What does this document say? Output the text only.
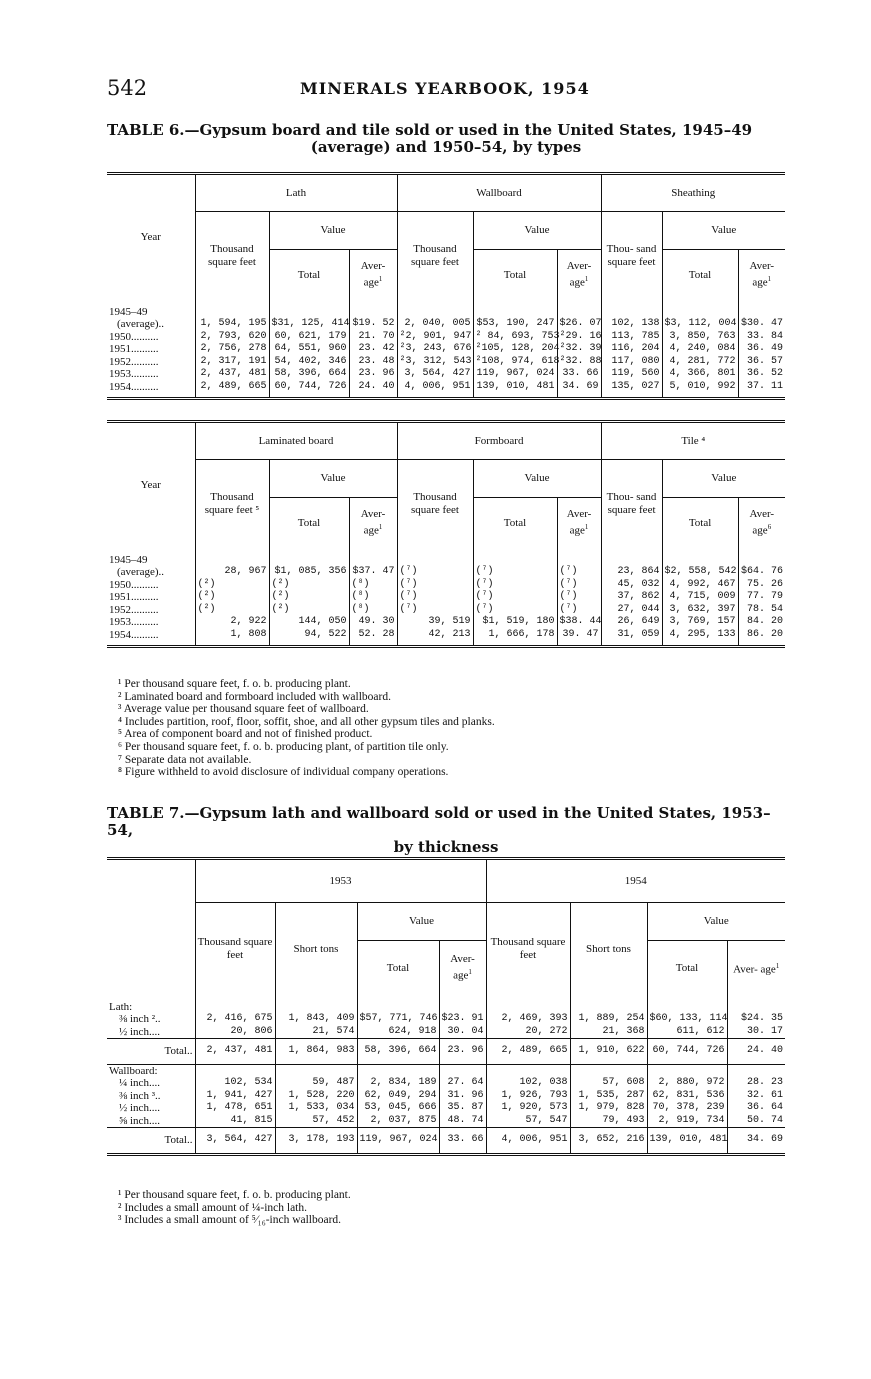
542	MINERALS YEARBOOK, 1954
TABLE 6.—Gypsum board and tile sold or used in the United States, 1945–49
(average) and 1950–54, by types
Year	Lath			Wallboard			Sheathing		
	Thousand square feet	Value		Thousand square feet	Value		Thou- sand square feet	Value	
		Total	Aver- age$^1$		Total	Aver- age$^1$		Total	Aver- age$^1$
1945–49									
(average)..	1, 594, 195	$31, 125, 414	$19. 52	2, 040, 005	$53, 190, 247	$26. 07	102, 138	$3, 112, 004	$30. 47
1950..........	2, 793, 620	60, 621, 179	21. 70	²2, 901, 947	² 84, 693, 753	²29. 16	113, 785	3, 850, 763	33. 84
1951..........	2, 756, 278	64, 551, 960	23. 42	²3, 243, 676	²105, 128, 204	²32. 39	116, 204	4, 240, 084	36. 49
1952..........	2, 317, 191	54, 402, 346	23. 48	²3, 312, 543	²108, 974, 618	²32. 88	117, 080	4, 281, 772	36. 57
1953..........	2, 437, 481	58, 396, 664	23. 96	3, 564, 427	119, 967, 024	33. 66	119, 560	4, 366, 801	36. 52
1954..........	2, 489, 665	60, 744, 726	24. 40	4, 006, 951	139, 010, 481	34. 69	135, 027	5, 010, 992	37. 11
Year	Laminated board			Formboard			Tile ⁴		
	Thousand square feet ⁵	Value		Thousand square feet	Value		Thou- sand square feet	Value	
		Total	Aver- age$^1$		Total	Aver- age$^1$		Total	Aver- age$^6$
1945–49									
(average)..	28, 967	$1, 085, 356	$37. 47	(⁷)	(⁷)	(⁷)	23, 864	$2, 558, 542	$64. 76
1950..........	(²)	(²)	(⁸)	(⁷)	(⁷)	(⁷)	45, 032	4, 992, 467	75. 26
1951..........	(²)	(²)	(⁸)	(⁷)	(⁷)	(⁷)	37, 862	4, 715, 009	77. 79
1952..........	(²)	(²)	(⁸)	(⁷)	(⁷)	(⁷)	27, 044	3, 632, 397	78. 54
1953..........	2, 922	144, 050	49. 30	39, 519	$1, 519, 180	$38. 44	26, 649	3, 769, 157	84. 20
1954..........	1, 808	94, 522	52. 28	42, 213	1, 666, 178	39. 47	31, 059	4, 295, 133	86. 20
¹ Per thousand square feet, f. o. b. producing plant.
² Laminated board and formboard included with wallboard.
³ Average value per thousand square feet of wallboard.
⁴ Includes partition, roof, floor, soffit, shoe, and all other gypsum tiles and planks.
⁵ Area of component board and not of finished product.
⁶ Per thousand square feet, f. o. b. producing plant, of partition tile only.
⁷ Separate data not available.
⁸ Figure withheld to avoid disclosure of individual company operations.
TABLE 7.—Gypsum lath and wallboard sold or used in the United States, 1953–54,
by thickness
	1953				1954			
	Thousand square feet	Short tons	Value		Thousand square feet	Short tons	Value	
			Total	Aver- age$^1$			Total	Aver- age$^1$
Lath:								
⅜ inch ²..	2, 416, 675	1, 843, 409	$57, 771, 746	$23. 91	2, 469, 393	1, 889, 254	$60, 133, 114	$24. 35
½ inch....	20, 806	21, 574	624, 918	30. 04	20, 272	21, 368	611, 612	30. 17
Total..	2, 437, 481	1, 864, 983	58, 396, 664	23. 96	2, 489, 665	1, 910, 622	60, 744, 726	24. 40
Wallboard:								
¼ inch....	102, 534	59, 487	2, 834, 189	27. 64	102, 038	57, 608	2, 880, 972	28. 23
⅜ inch ³..	1, 941, 427	1, 528, 220	62, 049, 294	31. 96	1, 926, 793	1, 535, 287	62, 831, 536	32. 61
½ inch....	1, 478, 651	1, 533, 034	53, 045, 666	35. 87	1, 920, 573	1, 979, 828	70, 378, 239	36. 64
⅝ inch....	41, 815	57, 452	2, 037, 875	48. 74	57, 547	79, 493	2, 919, 734	50. 74
Total..	3, 564, 427	3, 178, 193	119, 967, 024	33. 66	4, 006, 951	3, 652, 216	139, 010, 481	34. 69
¹ Per thousand square feet, f. o. b. producing plant.
² Includes a small amount of ¼-inch lath.
³ Includes a small amount of ⁵⁄₁₆-inch wallboard.
